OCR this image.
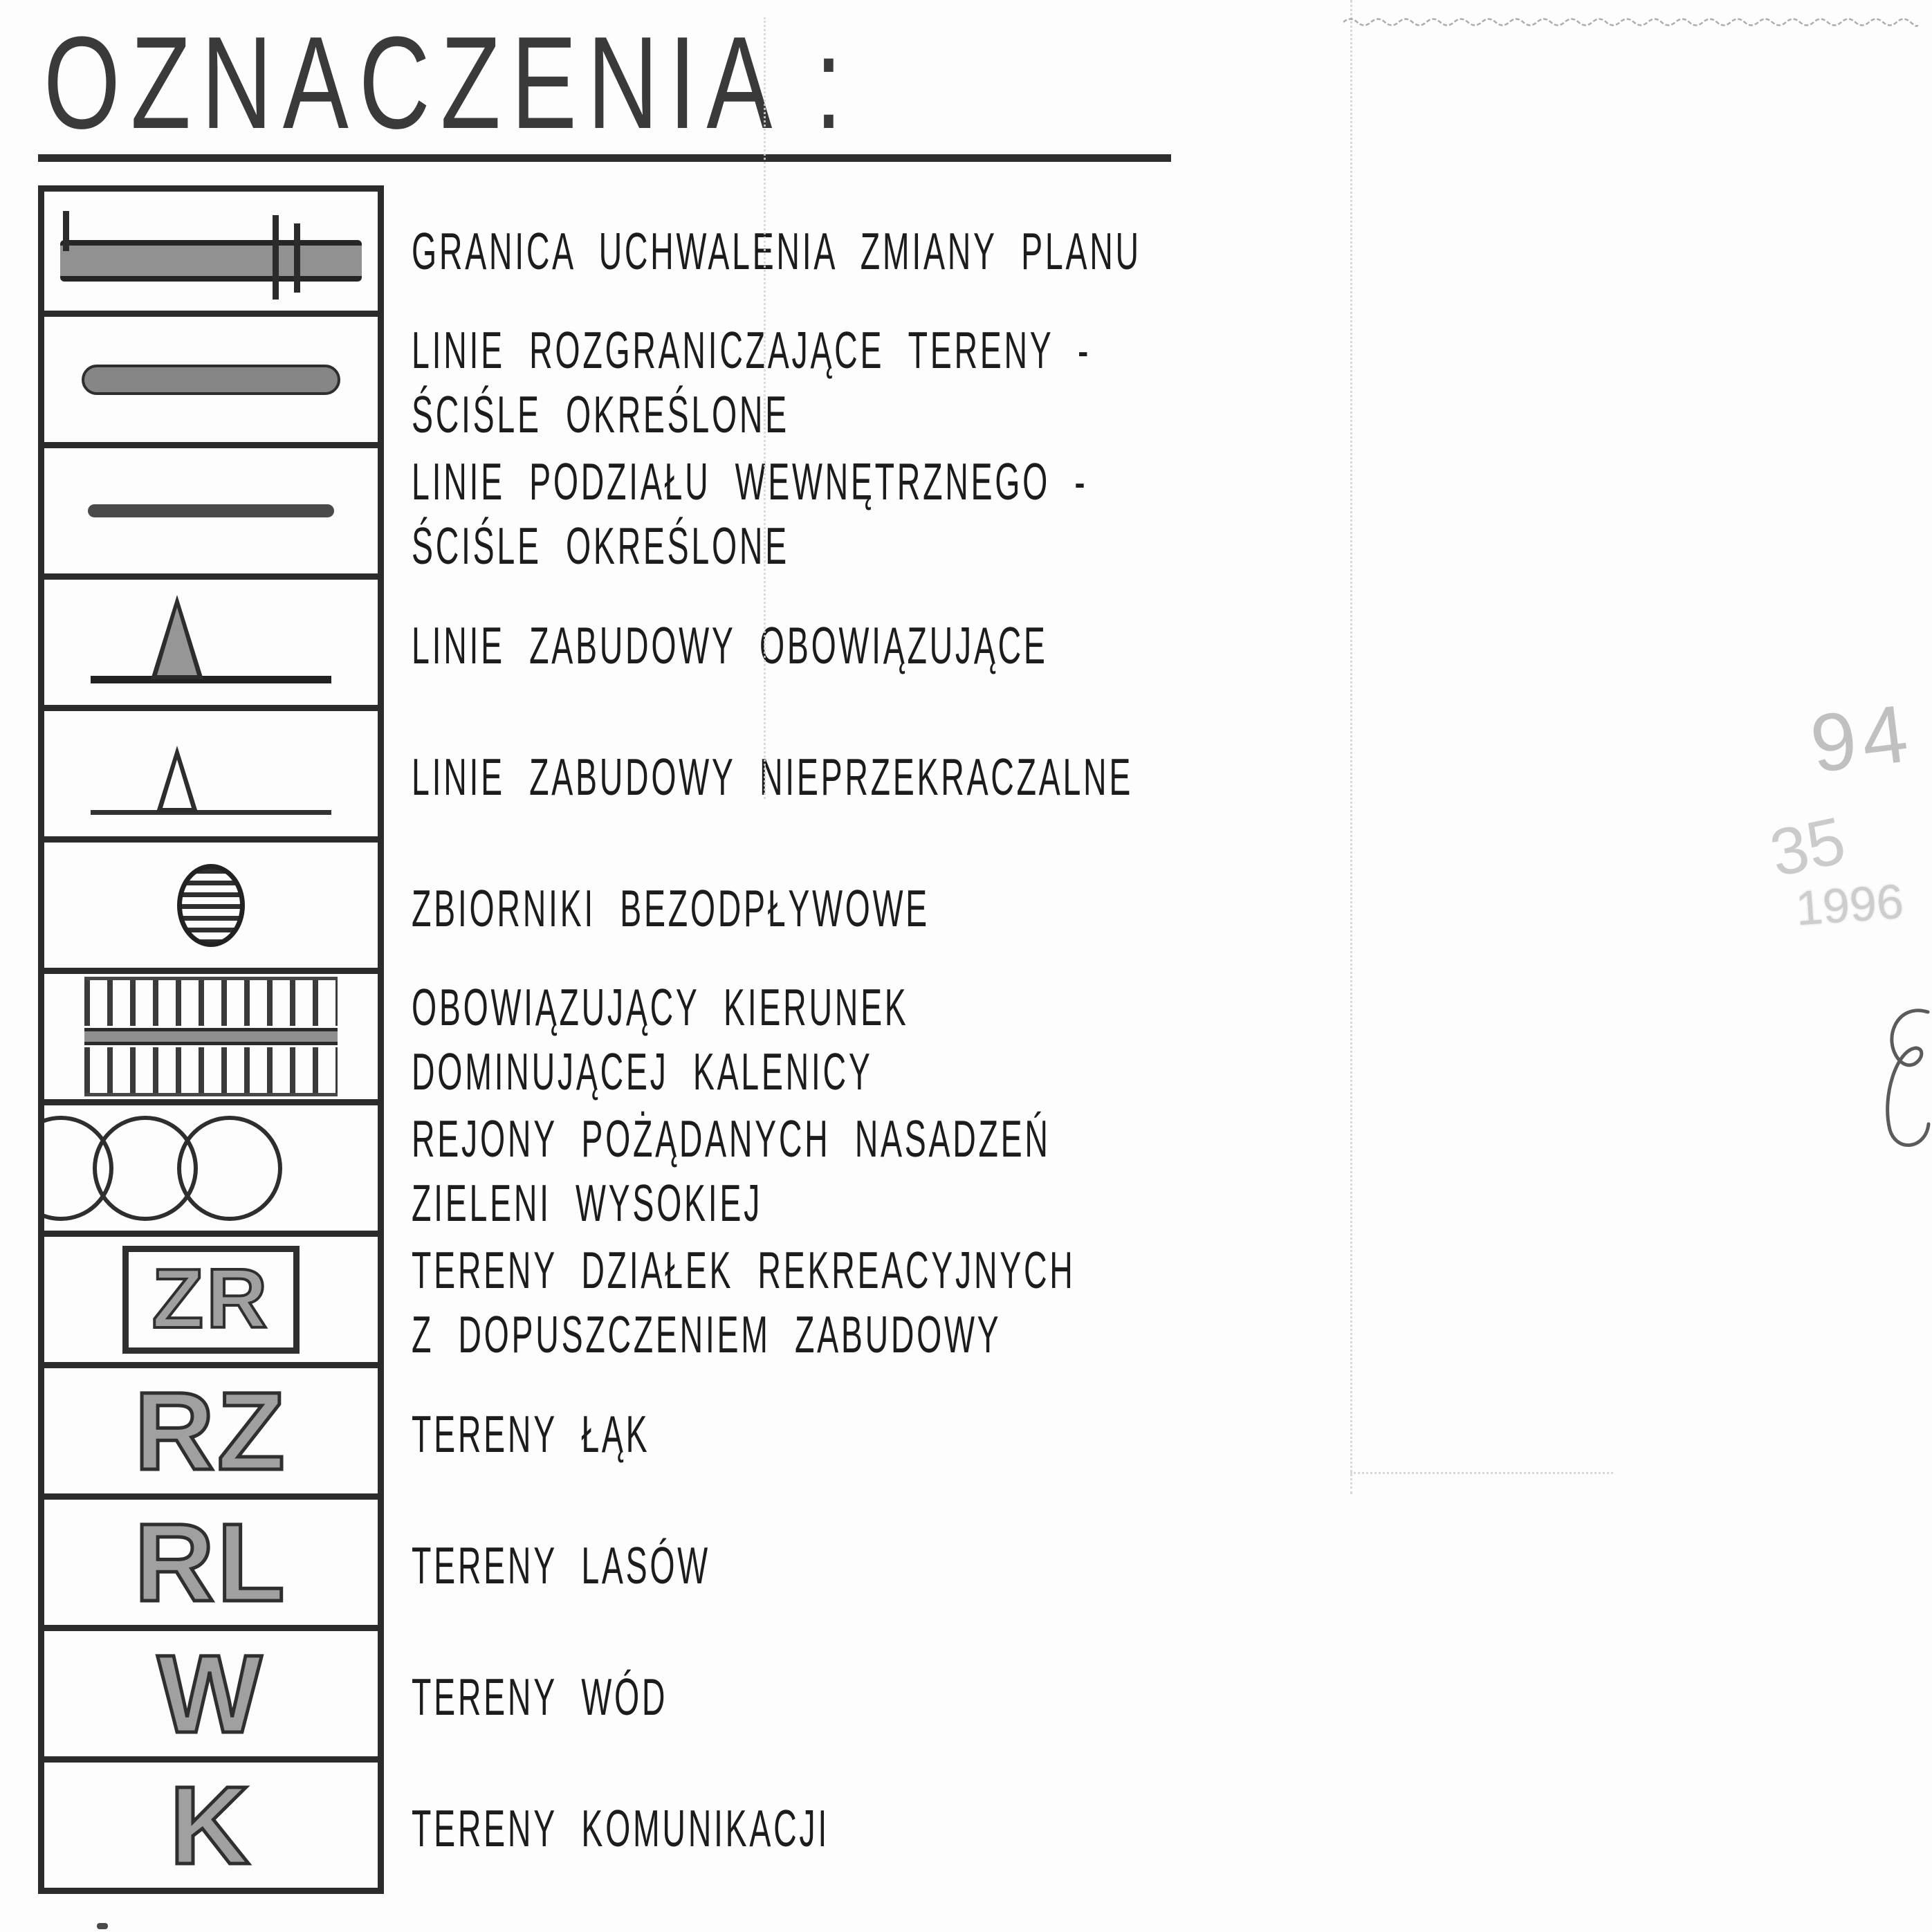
OZNACZENIA :
GRANICA UCHWALENIA ZMIANY PLANU
LINIE ROZGRANICZAJĄCE TERENY -
ŚCIŚLE OKREŚLONE
LINIE PODZIAŁU WEWNĘTRZNEGO -
ŚCIŚLE OKREŚLONE
LINIE ZABUDOWY OBOWIĄZUJĄCE
LINIE ZABUDOWY NIEPRZEKRACZALNE
ZBIORNIKI BEZODPŁYWOWE
OBOWIĄZUJĄCY KIERUNEK
DOMINUJĄCEJ KALENICY
REJONY POŻĄDANYCH NASADZEŃ
ZIELENI WYSOKIEJ
ZR	TERENY DZIAŁEK REKREACYJNYCH
Z DOPUSZCZENIEM ZABUDOWY
RZ TERENY ŁĄK
RL TERENY LASÓW
W	TERENY WÓD
K	TERENY KOMUNIKACJI
94
35
1996
